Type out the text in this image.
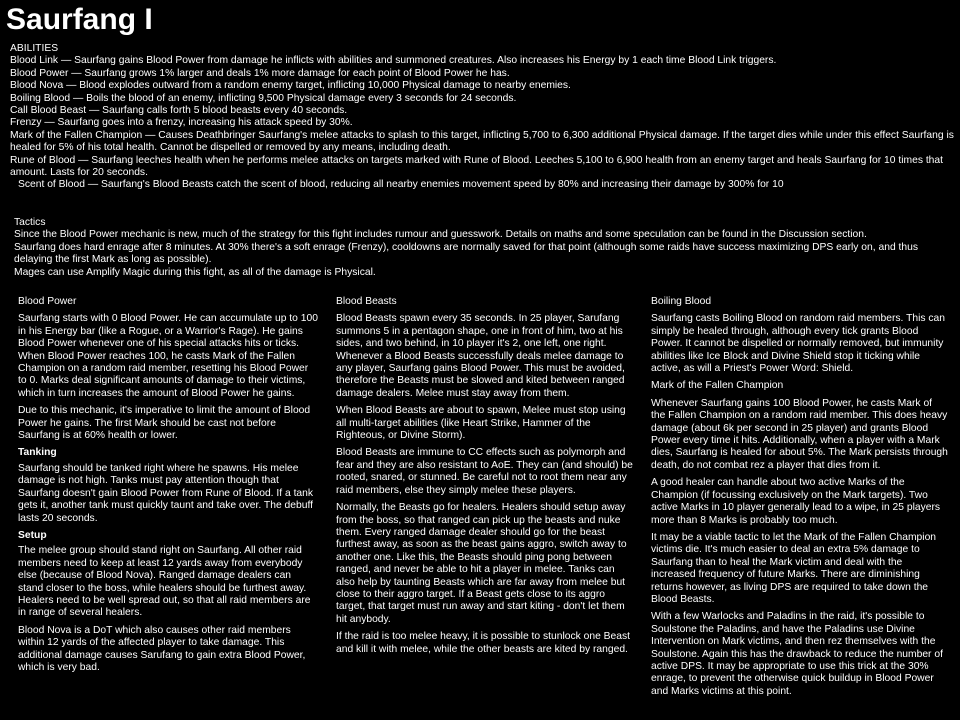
Saurfang I
ABILITIES
Blood Link — Saurfang gains Blood Power from damage he inflicts with abilities and summoned creatures. Also increases his Energy by 1 each time Blood Link triggers.
Blood Power — Saurfang grows 1% larger and deals 1% more damage for each point of Blood Power he has.
Blood Nova — Blood explodes outward from a random enemy target, inflicting 10,000 Physical damage to nearby enemies.
Boiling Blood — Boils the blood of an enemy, inflicting 9,500 Physical damage every 3 seconds for 24 seconds.
Call Blood Beast — Saurfang calls forth 5 blood beasts every 40 seconds.
Frenzy — Saurfang goes into a frenzy, increasing his attack speed by 30%.
Mark of the Fallen Champion — Causes Deathbringer Saurfang's melee attacks to splash to this target, inflicting 5,700 to 6,300 additional Physical damage. If the target dies while under this effect Saurfang is healed for 5% of his total health. Cannot be dispelled or removed by any means, including death.
Rune of Blood — Saurfang leeches health when he performs melee attacks on targets marked with Rune of Blood. Leeches 5,100 to 6,900 health from an enemy target and heals Saurfang for 10 times that amount. Lasts for 20 seconds.
Scent of Blood — Saurfang's Blood Beasts catch the scent of blood, reducing all nearby enemies movement speed by 80% and increasing their damage by 300% for 10

Tactics

Since the Blood Power mechanic is new, much of the strategy for this fight includes rumour and guesswork. Details on maths and some speculation can be found in the Discussion section.

Saurfang does hard enrage after 8 minutes. At 30% there's a soft enrage (Frenzy), cooldowns are normally saved for that point (although some raids have success maximizing DPS early on, and thus delaying the first Mark as long as possible).

Mages can use Amplify Magic during this fight, as all of the damage is Physical.

Blood Power

Saurfang starts with 0 Blood Power. He can accumulate up to 100 in his Energy bar (like a Rogue, or a Warrior's Rage). He gains Blood Power whenever one of his special attacks hits or ticks. When Blood Power reaches 100, he casts Mark of the Fallen Champion on a random raid member, resetting his Blood Power to 0. Marks deal significant amounts of damage to their victims, which in turn increases the amount of Blood Power he gains.

Due to this mechanic, it's imperative to limit the amount of Blood Power he gains. The first Mark should be cast not before Saurfang is at 60% health or lower.

Tanking

Saurfang should be tanked right where he spawns. His melee damage is not high. Tanks must pay attention though that Saurfang doesn't gain Blood Power from Rune of Blood. If a tank gets it, another tank must quickly taunt and take over. The debuff lasts 20 seconds.

Setup

The melee group should stand right on Saurfang. All other raid members need to keep at least 12 yards away from everybody else (because of Blood Nova). Ranged damage dealers can stand closer to the boss, while healers should be furthest away. Healers need to be well spread out, so that all raid members are in range of several healers.

Blood Nova is a DoT which also causes other raid members within 12 yards of the affected player to take damage. This additional damage causes Sarufang to gain extra Blood Power, which is very bad.

Blood Beasts

Blood Beasts spawn every 35 seconds. In 25 player, Sarufang summons 5 in a pentagon shape, one in front of him, two at his sides, and two behind, in 10 player it's 2, one left, one right. Whenever a Blood Beasts successfully deals melee damage to any player, Saurfang gains Blood Power. This must be avoided, therefore the Beasts must be slowed and kited between ranged damage dealers. Melee must stay away from them.

When Blood Beasts are about to spawn, Melee must stop using all multi-target abilities (like Heart Strike, Hammer of the Righteous, or Divine Storm).

Blood Beasts are immune to CC effects such as polymorph and fear and they are also resistant to AoE. They can (and should) be rooted, snared, or stunned. Be careful not to root them near any raid members, else they simply melee these players.

Normally, the Beasts go for healers. Healers should setup away from the boss, so that ranged can pick up the beasts and nuke them. Every ranged damage dealer should go for the beast furthest away, as soon as the beast gains aggro, switch away to another one. Like this, the Beasts should ping pong between ranged, and never be able to hit a player in melee. Tanks can also help by taunting Beasts which are far away from melee but close to their aggro target. If a Beast gets close to its aggro target, that target must run away and start kiting - don't let them hit anybody.

If the raid is too melee heavy, it is possible to stunlock one Beast and kill it with melee, while the other beasts are kited by ranged.

Boiling Blood

Saurfang casts Boiling Blood on random raid members. This can simply be healed through, although every tick grants Blood Power. It cannot be dispelled or normally removed, but immunity abilities like Ice Block and Divine Shield stop it ticking while active, as will a Priest's Power Word: Shield.

Mark of the Fallen Champion

Whenever Saurfang gains 100 Blood Power, he casts Mark of the Fallen Champion on a random raid member. This does heavy damage (about 6k per second in 25 player) and grants Blood Power every time it hits. Additionally, when a player with a Mark dies, Saurfang is healed for about 5%. The Mark persists through death, do not combat rez a player that dies from it.

A good healer can handle about two active Marks of the Champion (if focussing exclusively on the Mark targets). Two active Marks in 10 player generally lead to a wipe, in 25 players more than 8 Marks is probably too much.

It may be a viable tactic to let the Mark of the Fallen Champion victims die. It's much easier to deal an extra 5% damage to Saurfang than to heal the Mark victim and deal with the increased frequency of future Marks. There are diminishing returns however, as living DPS are required to take down the Blood Beasts.

With a few Warlocks and Paladins in the raid, it's possible to Soulstone the Paladins, and have the Paladins use Divine Intervention on Mark victims, and then rez themselves with the Soulstone. Again this has the drawback to reduce the number of active DPS. It may be appropriate to use this trick at the 30% enrage, to prevent the otherwise quick buildup in Blood Power and Marks victims at this point.
